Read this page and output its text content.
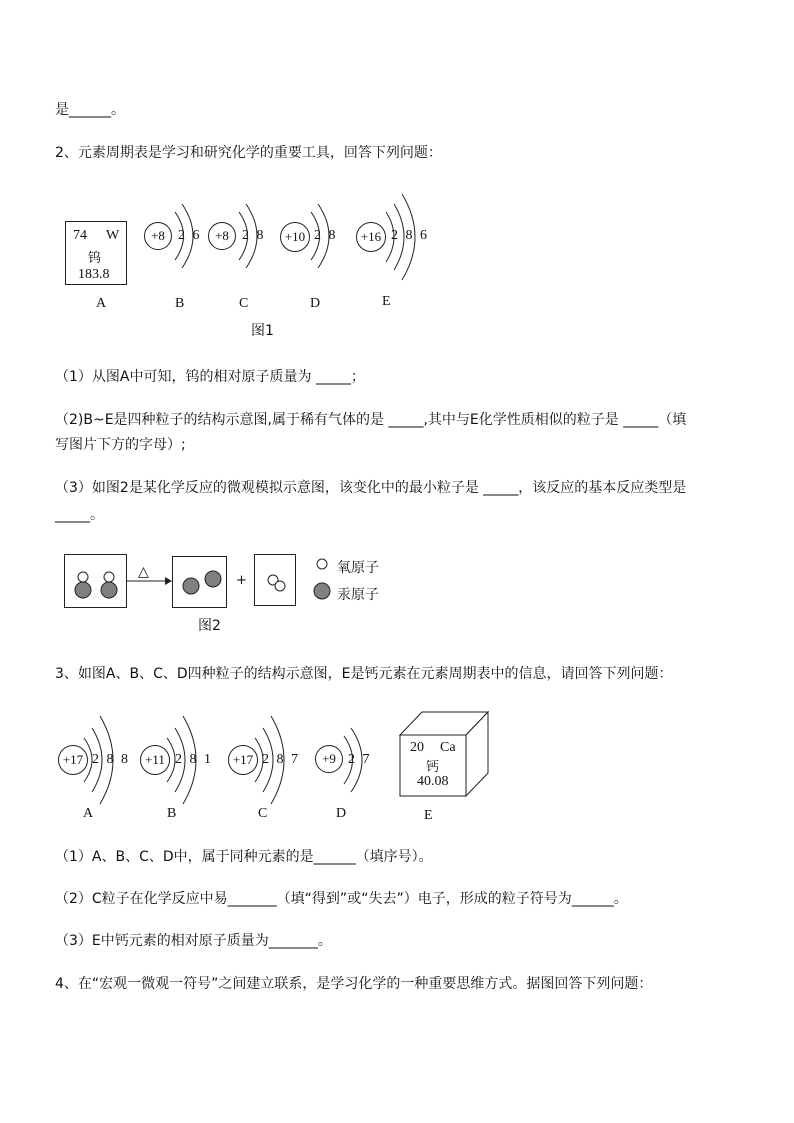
是______。
2、元素周期表是学习和研究化学的重要工具，回答下列问题：
74 W
钨
183.8
+8 2 6	+8 2 8	+10 2 8	+16 2 8 6
A	B	C	D	E
图1
（1）从图A中可知，钨的相对原子质量为 _____；
（2)B~E是四种粒子的结构示意图,属于稀有气体的是 _____,其中与E化学性质相似的粒子是 _____（填
写图片下方的字母）;
（3）如图2是某化学反应的微观模拟示意图，该变化中的最小粒子是 _____，该反应的基本反应类型是
_____。
△
+
氧原子
汞原子
图2
3、如图A、B、C、D四种粒子的结构示意图，E是钙元素在元素周期表中的信息，请回答下列问题：
+17 2 8 8	+11 2 8 1	+17 2 8 7	+9 2 7
20 Ca
钙
40.08
A	B	C	D	E
（1）A、B、C、D中，属于同种元素的是______（填序号）。
（2）C粒子在化学反应中易_______（填“得到”或“失去”）电子，形成的粒子符号为______。
（3）E中钙元素的相对原子质量为_______。
4、在“宏观一微观一符号”之间建立联系，是学习化学的一种重要思维方式。据图回答下列问题：
